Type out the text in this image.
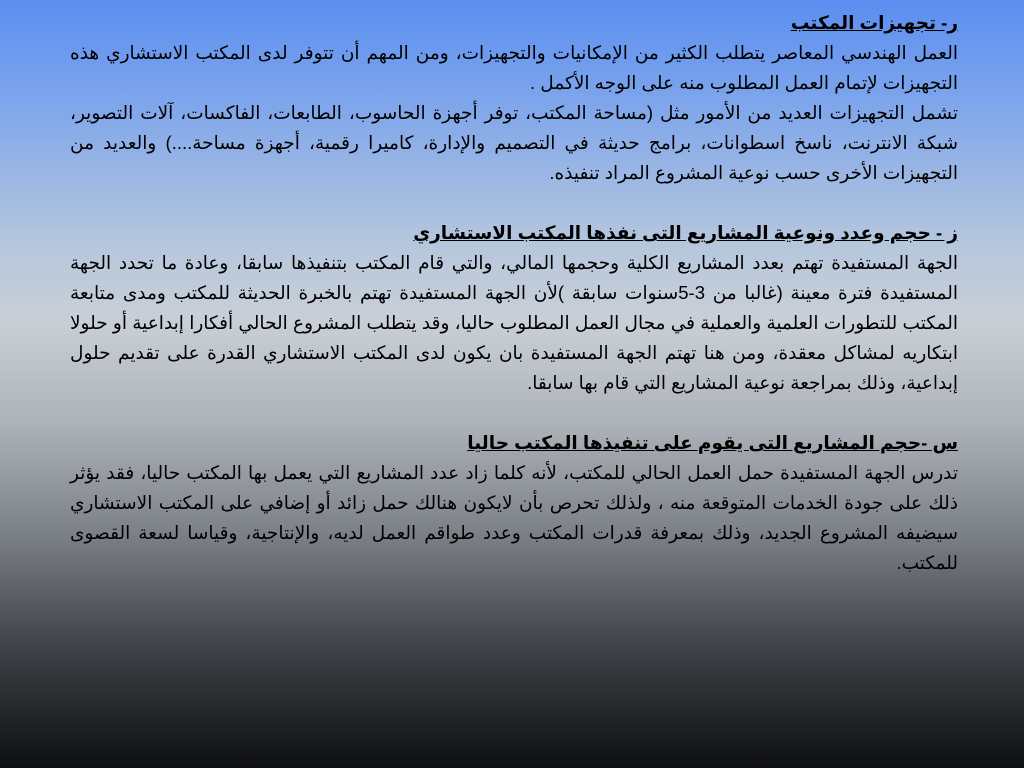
ر- تجهيزات المكتب

العمل الهندسي المعاصر يتطلب الكثير من الإمكانيات والتجهيزات، ومن المهم أن تتوفر لدى المكتب الاستشاري هذه التجهيزات لإتمام العمل المطلوب منه على الوجه الأكمل .

تشمل التجهيزات العديد من الأمور مثل (مساحة المكتب، توفر أجهزة الحاسوب، الطابعات، الفاكسات، آلات التصوير، شبكة الانترنت، ناسخ اسطوانات، برامج حديثة في التصميم والإدارة، كاميرا رقمية، أجهزة مساحة....) والعديد من التجهيزات الأخرى حسب نوعية المشروع المراد تنفيذه.

ز - حجم وعدد ونوعية المشاريع التى نفذها المكتب الاستشاري

الجهة المستفيدة تهتم بعدد المشاريع الكلية وحجمها المالي، والتي قام المكتب بتنفيذها سابقا، وعادة ما تحدد الجهة المستفيدة فترة معينة (غالبا من 3-5سنوات سابقة )لأن الجهة المستفيدة تهتم بالخبرة الحديثة للمكتب ومدى متابعة المكتب للتطورات العلمية والعملية في مجال العمل المطلوب حاليا، وقد يتطلب المشروع الحالي أفكارا إبداعية أو حلولا ابتكاريه لمشاكل معقدة، ومن هنا تهتم الجهة المستفيدة بان يكون لدى المكتب الاستشاري القدرة على تقديم حلول إبداعية، وذلك بمراجعة نوعية المشاريع التي قام بها سابقا.

س -حجم المشاريع التى يقوم على تنفيذها المكتب حاليا

تدرس الجهة المستفيدة حمل العمل الحالي للمكتب، لأنه كلما زاد عدد المشاريع التي يعمل بها المكتب حاليا، فقد يؤثر ذلك على جودة الخدمات المتوقعة منه ، ولذلك تحرص بأن لايكون هنالك حمل زائد أو إضافي على المكتب الاستشاري سيضيفه المشروع الجديد، وذلك بمعرفة قدرات المكتب وعدد طواقم العمل لديه، والإنتاجية، وقياسا لسعة القصوى للمكتب.
